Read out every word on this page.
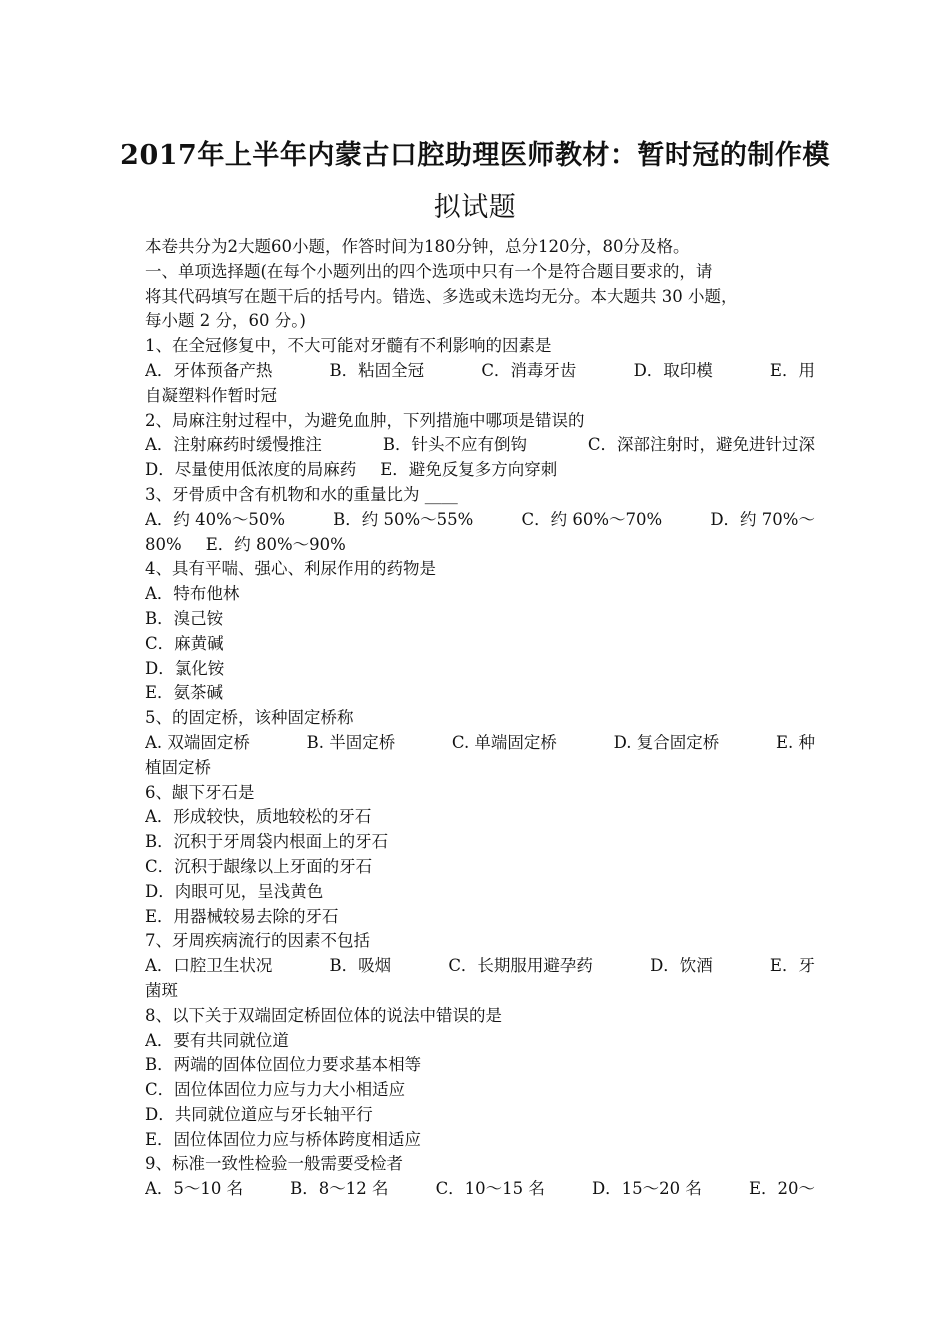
2017年上半年内蒙古口腔助理医师教材：暂时冠的制作模
拟试题
本卷共分为2大题60小题，作答时间为180分钟，总分120分，80分及格。
一、单项选择题(在每个小题列出的四个选项中只有一个是符合题目要求的，请
将其代码填写在题干后的括号内。错选、多选或未选均无分。本大题共 30 小题，
每小题 2 分，60 分。)
1、在全冠修复中，不大可能对牙髓有不利影响的因素是
A．牙体预备产热	B．粘固全冠	C．消毒牙齿	D．取印模	E．用
自凝塑料作暂时冠
2、局麻注射过程中，为避免血肿，下列措施中哪项是错误的
A．注射麻药时缓慢推注	B．针头不应有倒钩	C．深部注射时，避免进针过深
D．尽量使用低浓度的局麻药 E．避免反复多方向穿刺
3、牙骨质中含有机物和水的重量比为 ____
A．约 40%～50%	B．约 50%～55%	C．约 60%～70%	D．约 70%～
80% E．约 80%～90%
4、具有平喘、强心、利尿作用的药物是
A．特布他林
B．溴己铵
C．麻黄碱
D．氯化铵
E．氨茶碱
5、的固定桥，该种固定桥称
A. 双端固定桥	B. 半固定桥	C. 单端固定桥	D. 复合固定桥	E. 种
植固定桥
6、龈下牙石是
A．形成较快，质地较松的牙石
B．沉积于牙周袋内根面上的牙石
C．沉积于龈缘以上牙面的牙石
D．肉眼可见，呈浅黄色
E．用器械较易去除的牙石
7、牙周疾病流行的因素不包括
A．口腔卫生状况	B．吸烟	C．长期服用避孕药	D．饮酒	E．牙
菌斑
8、以下关于双端固定桥固位体的说法中错误的是
A．要有共同就位道
B．两端的固体位固位力要求基本相等
C．固位体固位力应与力大小相适应
D．共同就位道应与牙长轴平行
E．固位体固位力应与桥体跨度相适应
9、标准一致性检验一般需要受检者
A．5～10 名	B．8～12 名	C．10～15 名	D．15～20 名	E．20～
